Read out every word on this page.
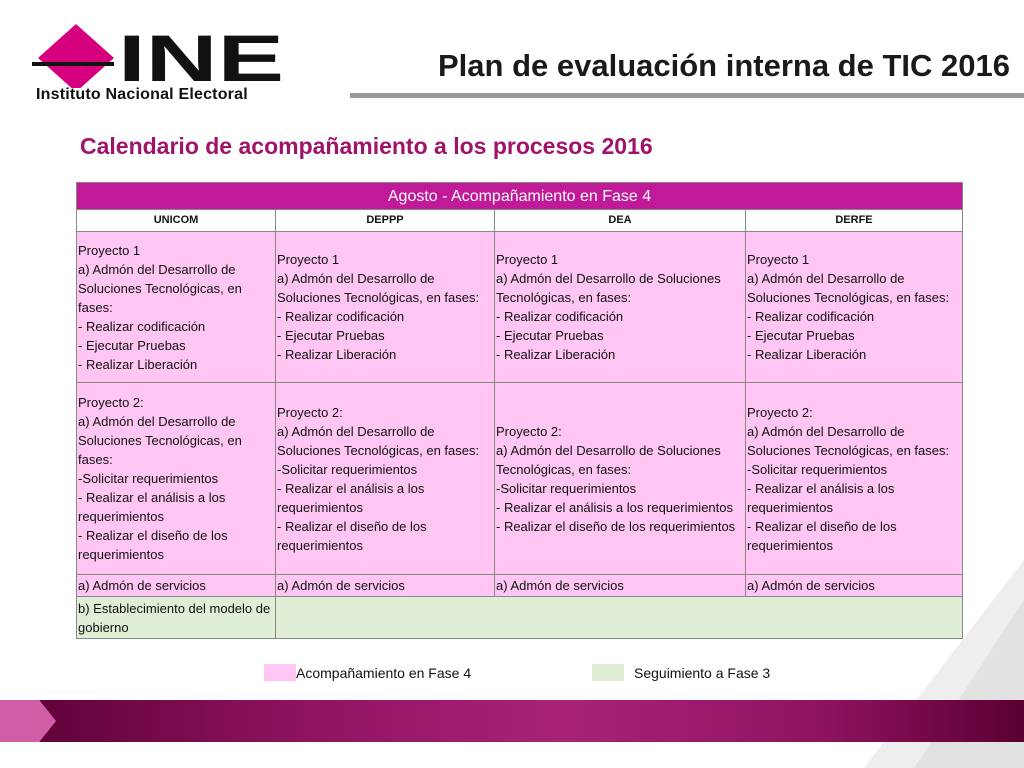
INE
Instituto Nacional Electoral
Plan de evaluación interna de TIC 2016
Calendario de acompañamiento a los procesos 2016
Agosto - Acompañamiento en Fase 4			
UNICOM	DEPPP	DEA	DERFE

Proyecto 1
a) Admón del Desarrollo de Soluciones Tecnológicas, en fases:
- Realizar codificación
- Ejecutar Pruebas
- Realizar Liberación	Proyecto 1
a) Admón del Desarrollo de Soluciones Tecnológicas, en fases:
- Realizar codificación
- Ejecutar Pruebas
- Realizar Liberación	Proyecto 1
a) Admón del Desarrollo de Soluciones Tecnológicas, en fases:
- Realizar codificación
- Ejecutar Pruebas
- Realizar Liberación	Proyecto 1
a) Admón del Desarrollo de Soluciones Tecnológicas, en fases:
- Realizar codificación
- Ejecutar Pruebas
- Realizar Liberación

Proyecto 2:
a) Admón del Desarrollo de Soluciones Tecnológicas, en fases:
-Solicitar requerimientos
- Realizar el análisis a los requerimientos
- Realizar el diseño de los requerimientos	Proyecto 2:
a) Admón del Desarrollo de Soluciones Tecnológicas, en fases:
-Solicitar requerimientos
- Realizar el análisis a los requerimientos
- Realizar el diseño de los requerimientos	Proyecto 2:
a) Admón del Desarrollo de Soluciones Tecnológicas, en fases:
-Solicitar requerimientos
- Realizar el análisis a los requerimientos
- Realizar el diseño de los requerimientos	Proyecto 2:
a) Admón del Desarrollo de Soluciones Tecnológicas, en fases:
-Solicitar requerimientos
- Realizar el análisis a los requerimientos
- Realizar el diseño de los requerimientos

a) Admón de servicios	a) Admón de servicios	a) Admón de servicios	a) Admón de servicios
b) Establecimiento del modelo de gobierno			
Acompañamiento en Fase 4	Seguimiento a Fase 3
